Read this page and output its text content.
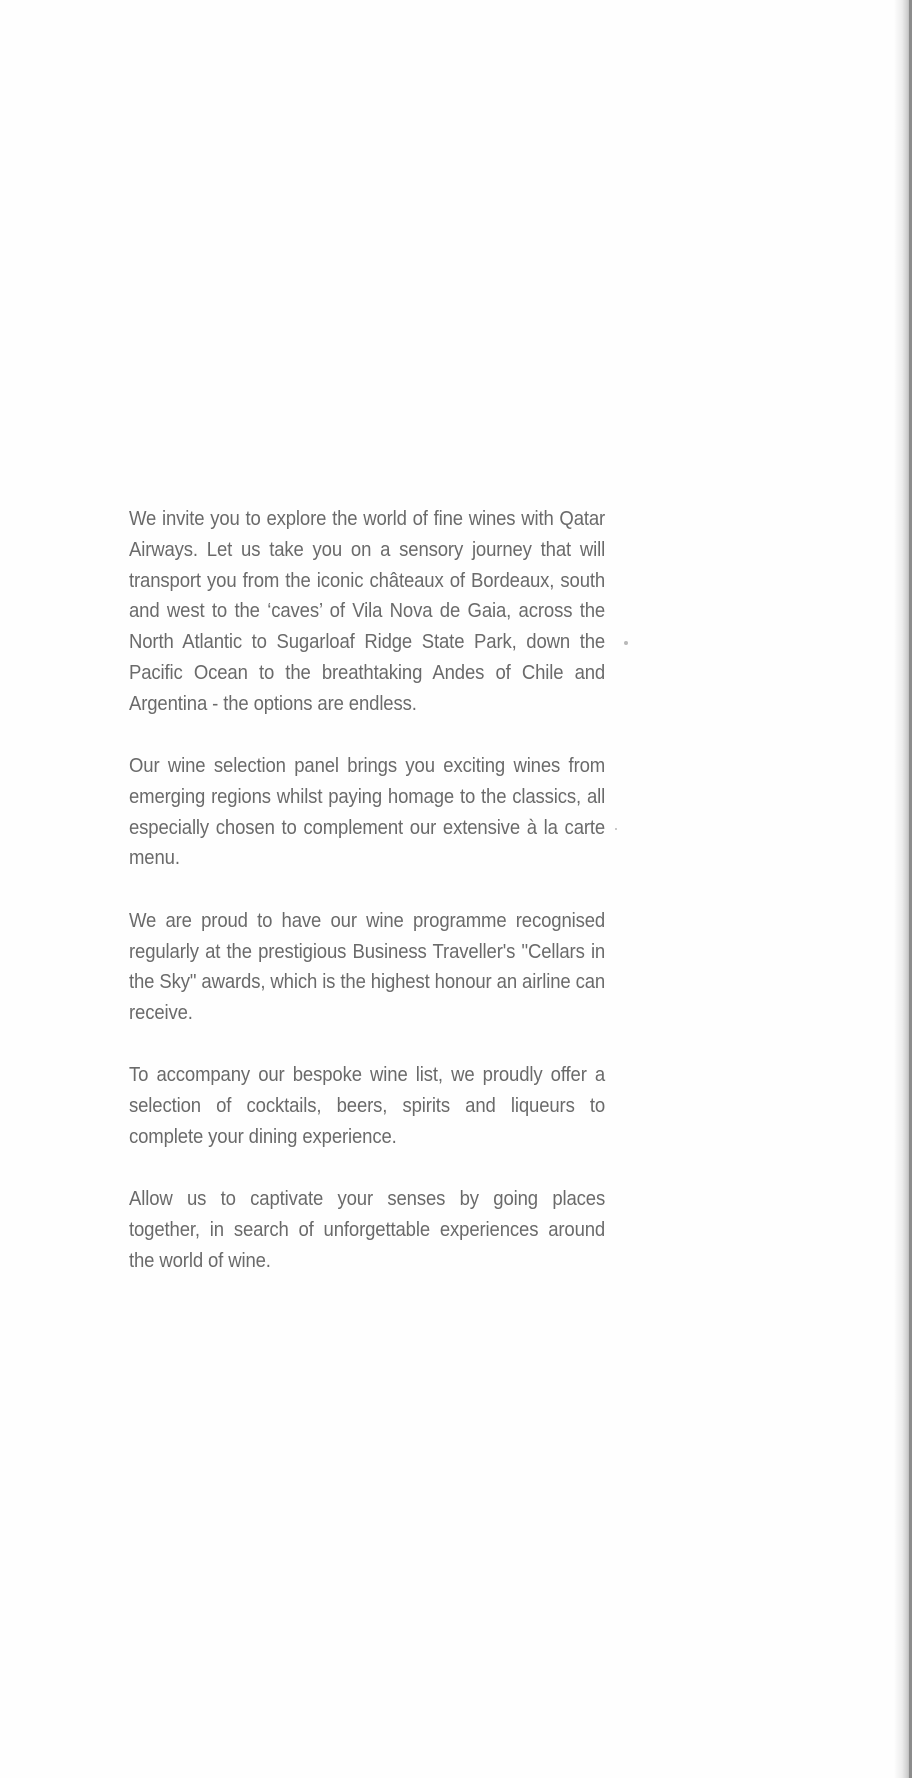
We invite you to explore the world of fine wines with Qatar Airways. Let us take you on a sensory journey that will transport you from the iconic châteaux of Bordeaux, south and west to the ‘caves’ of Vila Nova de Gaia, across the North Atlantic to Sugarloaf Ridge State Park, down the Pacific Ocean to the breathtaking Andes of Chile and Argentina - the options are endless.

Our wine selection panel brings you exciting wines from emerging regions whilst paying homage to the classics, all especially chosen to complement our extensive à la carte menu.

We are proud to have our wine programme recognised regularly at the prestigious Business Traveller's "Cellars in the Sky" awards, which is the highest honour an airline can receive.

To accompany our bespoke wine list, we proudly offer a selection of cocktails, beers, spirits and liqueurs to complete your dining experience.

Allow us to captivate your senses by going places together, in search of unforgettable experiences around the world of wine.
